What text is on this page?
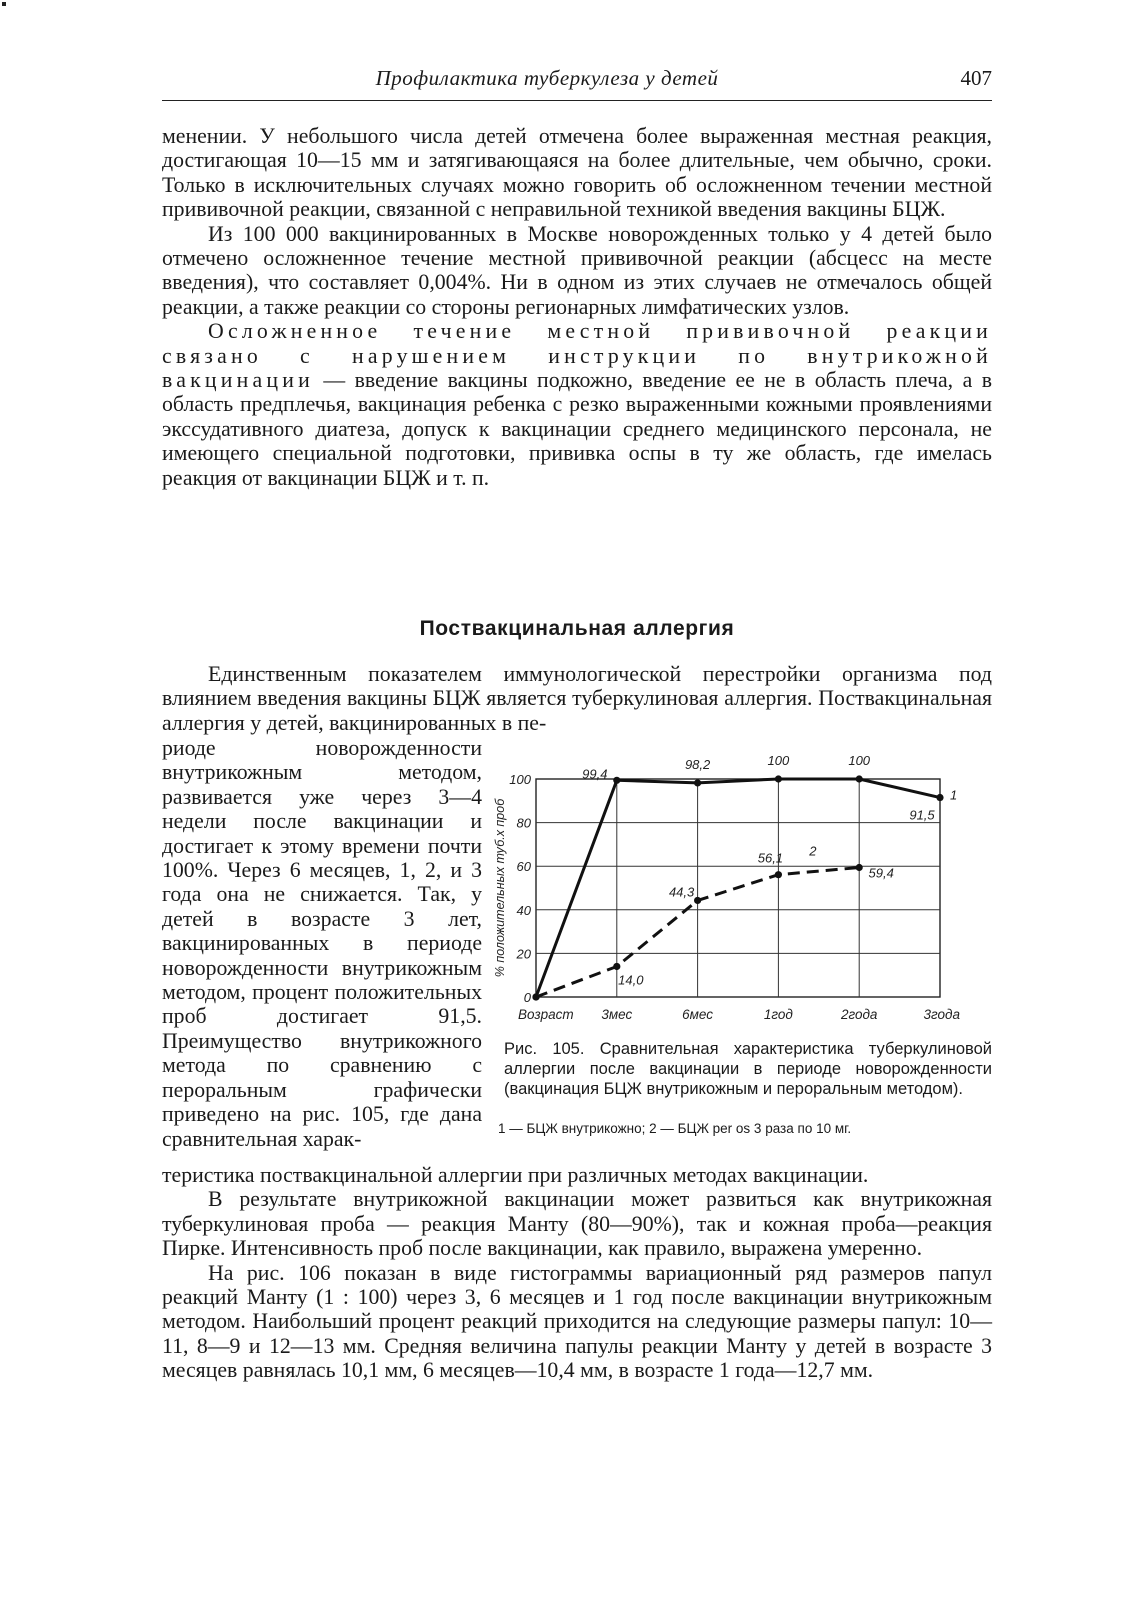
Профилактика туберкулеза у детей	407

менении. У небольшого числа детей отмечена более выраженная местная реакция, достигающая 10—15 мм и затягивающаяся на более длительные, чем обычно, сроки. Только в исключительных случаях можно говорить об осложненном течении местной прививочной реакции, связанной с неправильной техникой введения вакцины БЦЖ.

Из 100 000 вакцинированных в Москве новорожденных только у 4 детей было отмечено осложненное течение местной прививочной реакции (абсцесс на месте введения), что составляет 0,004%. Ни в одном из этих случаев не отмечалось общей реакции, а также реакции со стороны регионарных лимфатических узлов.

Осложненное течение местной прививочной реакции связано с нарушением инструкции по внутрикожной вакцинации — введение вакцины подкожно, введение ее не в область плеча, а в область предплечья, вакцинация ребенка с резко выраженными кожными проявлениями экссудативного диатеза, допуск к вакцинации среднего медицинского персонала, не имеющего специальной подготовки, прививка оспы в ту же область, где имелась реакция от вакцинации БЦЖ и т. п.

Поствакцинальная аллергия

Единственным показателем иммунологической перестройки организма под влиянием введения вакцины БЦЖ является туберкулиновая аллергия. Поствакцинальная аллергия у детей, вакцинированных в пе-

риоде новорожденности внутрикожным методом, развивается уже через 3—4 недели после вакцинации и достигает к этому времени почти 100%. Через 6 месяцев, 1, 2, и 3 года она не снижается. Так, у детей в возрасте 3 лет, вакцинированных в периоде новорожденности внутрикожным методом, процент положительных проб достигает 91,5. Преимущество внутрикожного метода по сравнению с пероральным графически приведено на рис. 105, где дана сравнительная харак-

теристика поствакцинальной аллергии при различных методах вакцинации.

В результате внутрикожной вакцинации может развиться как внутрикожная туберкулиновая проба — реакция Манту (80—90%), так и кожная проба—реакция Пирке. Интенсивность проб после вакцинации, как правило, выражена умеренно.

На рис. 106 показан в виде гистограммы вариационный ряд размеров папул реакций Манту (1 : 100) через 3, 6 месяцев и 1 год после вакцинации внутрикожным методом. Наибольший процент реакций приходится на следующие размеры папул: 10—11, 8—9 и 12—13 мм. Средняя величина папулы реакции Манту у детей в возрасте 3 месяцев равнялась 10,1 мм, 6 месяцев—10,4 мм, в возрасте 1 года—12,7 мм.

0
20
40
60
80
100
Возраст 3мес	6мес	1год	2года	3года
% положительных туб.х проб
99,4
98,2	100	100
91,5
1
14,0
44,3
56,1
59,4
2
Рис. 105. Сравнительная характеристика туберкулиновой аллергии после вакцинации в периоде новорожденности (вакцинация БЦЖ внутрикожным и пероральным методом).
1 — БЦЖ внутрикожно; 2 — БЦЖ per os 3 раза по 10 мг.
